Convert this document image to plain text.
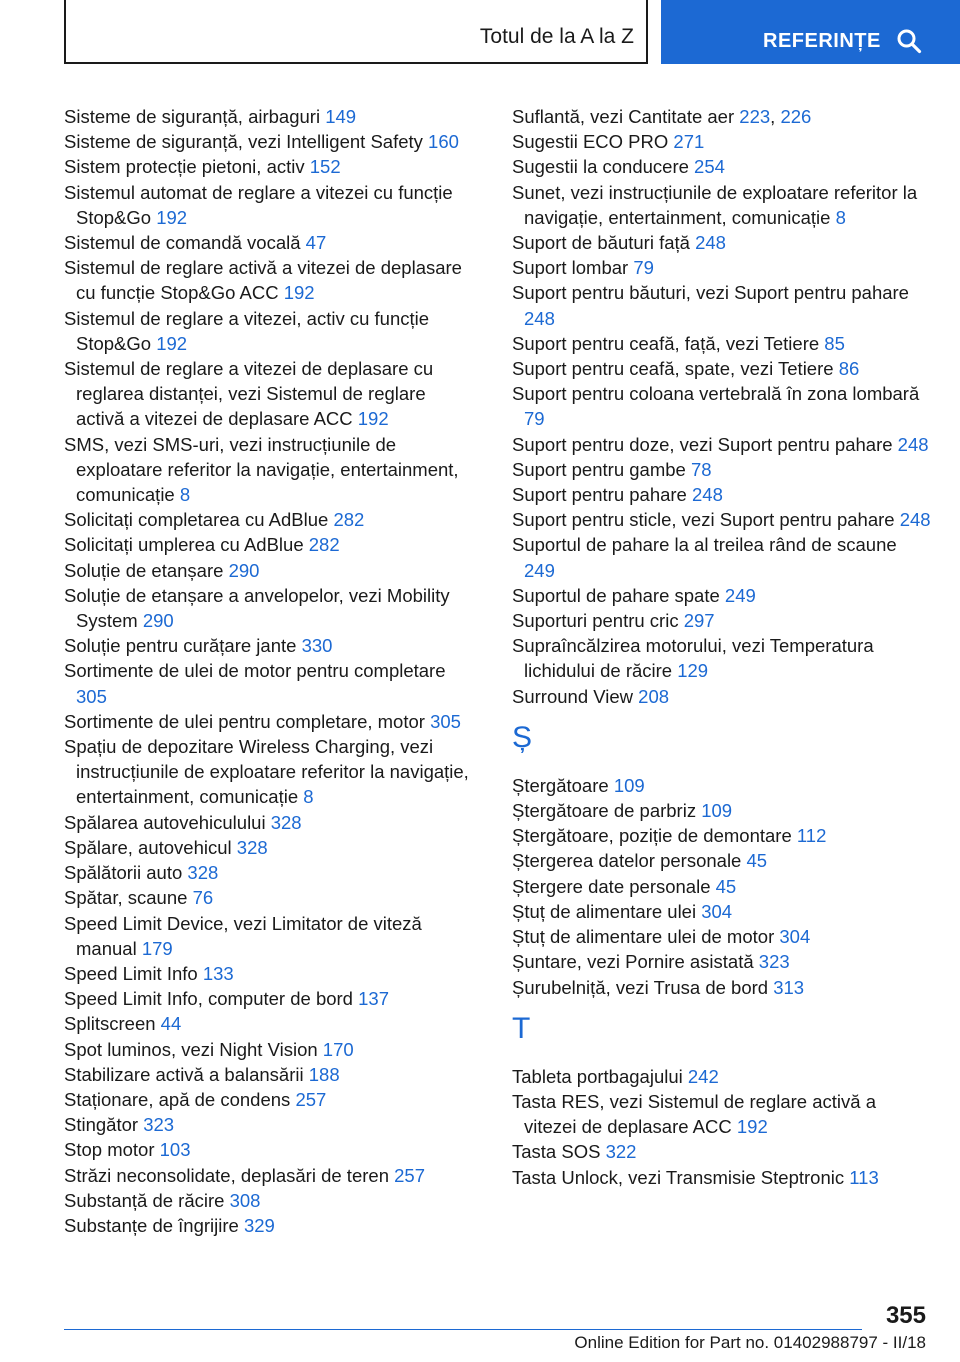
Totul de la A la Z	REFERINȚE
Sisteme de siguranță, airbaguri 149
Sisteme de siguranță, vezi Intelligent Safety 160
Sistem protecție pietoni, activ 152
Sistemul automat de reglare a vitezei cu funcție Stop&Go 192
Sistemul de comandă vocală 47
Sistemul de reglare activă a vitezei de deplasare cu funcție Stop&Go ACC 192
Sistemul de reglare a vitezei, activ cu funcție Stop&Go 192
Sistemul de reglare a vitezei de deplasare cu reglarea distanței, vezi Sistemul de reglare activă a vitezei de deplasare ACC 192
SMS, vezi SMS-uri, vezi instrucțiunile de exploatare referitor la navigație, entertainment, comunicație 8
Solicitați completarea cu AdBlue 282
Solicitați umplerea cu AdBlue 282
Soluție de etanșare 290
Soluție de etanșare a anvelopelor, vezi Mobility System 290
Soluție pentru curățare jante 330
Sortimente de ulei de motor pentru completare 305
Sortimente de ulei pentru completare, motor 305
Spațiu de depozitare Wireless Charging, vezi instrucțiunile de exploatare referitor la navigație, entertainment, comunicație 8
Spălarea autovehiculului 328
Spălare, autovehicul 328
Spălătorii auto 328
Spătar, scaune 76
Speed Limit Device, vezi Limitator de viteză manual 179
Speed Limit Info 133
Speed Limit Info, computer de bord 137
Splitscreen 44
Spot luminos, vezi Night Vision 170
Stabilizare activă a balansării 188
Staționare, apă de condens 257
Stingător 323
Stop motor 103
Străzi neconsolidate, deplasări de teren 257
Substanță de răcire 308
Substanțe de îngrijire 329
Suflantă, vezi Cantitate aer 223, 226
Sugestii ECO PRO 271
Sugestii la conducere 254
Sunet, vezi instrucțiunile de exploatare referitor la navigație, entertainment, comunicație 8
Suport de băuturi față 248
Suport lombar 79
Suport pentru băuturi, vezi Suport pentru pahare 248
Suport pentru ceafă, față, vezi Tetiere 85
Suport pentru ceafă, spate, vezi Tetiere 86
Suport pentru coloana vertebrală în zona lombară 79
Suport pentru doze, vezi Suport pentru pahare 248
Suport pentru gambe 78
Suport pentru pahare 248
Suport pentru sticle, vezi Suport pentru pahare 248
Suportul de pahare la al treilea rând de scaune 249
Suportul de pahare spate 249
Suporturi pentru cric 297
Supraîncălzirea motorului, vezi Temperatura lichidului de răcire 129
Surround View 208
Ș
Ștergătoare 109
Ștergătoare de parbriz 109
Ștergătoare, poziție de demontare 112
Ștergerea datelor personale 45
Ștergere date personale 45
Ștuț de alimentare ulei 304
Ștuț de alimentare ulei de motor 304
Șuntare, vezi Pornire asistată 323
Șurubelniță, vezi Trusa de bord 313
T
Tableta portbagajului 242
Tasta RES, vezi Sistemul de reglare activă a vitezei de deplasare ACC 192
Tasta SOS 322
Tasta Unlock, vezi Transmisie Steptronic 113
355
Online Edition for Part no. 01402988797 - II/18
